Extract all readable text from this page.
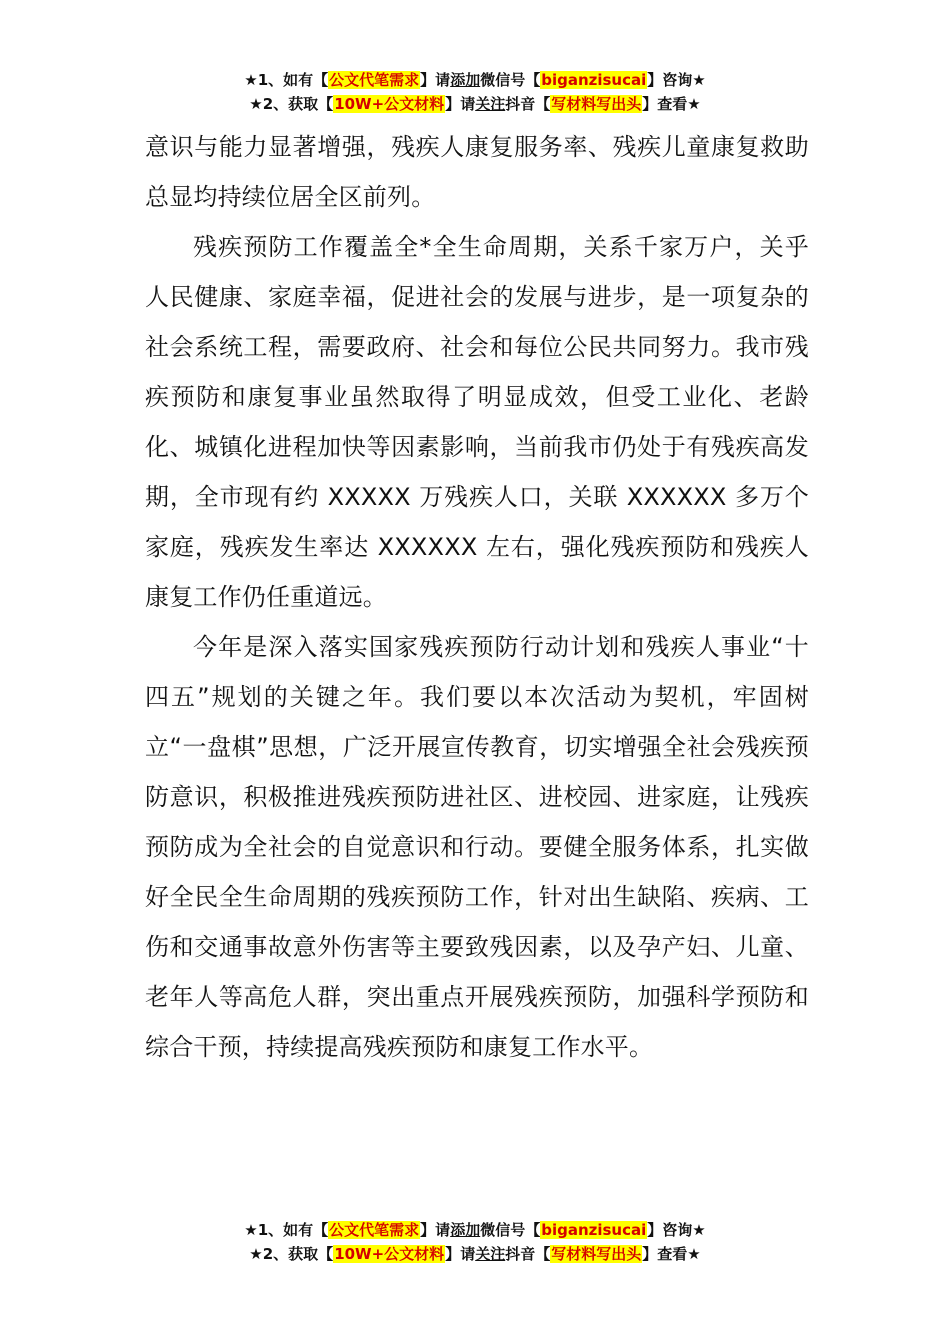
★1、如有【公文代笔需求】请添加微信号【biganzisucai】咨询★
★2、获取【10W+公文材料】请关注抖音【写材料写出头】查看★

意识与能力显著增强，残疾人康复服务率、残疾儿童康复救助总显均持续位居全区前列。

残疾预防工作覆盖全*全生命周期，关系千家万户，关乎人民健康、家庭幸福，促进社会的发展与进步，是一项复杂的社会系统工程，需要政府、社会和每位公民共同努力。我市残疾预防和康复事业虽然取得了明显成效，但受工业化、老龄化、城镇化进程加快等因素影响，当前我市仍处于有残疾高发期，全市现有约 XXXXX 万残疾人口，关联 XXXXXX 多万个家庭，残疾发生率达 XXXXXX 左右，强化残疾预防和残疾人康复工作仍任重道远。

今年是深入落实国家残疾预防行动计划和残疾人事业“十四五”规划的关键之年。我们要以本次活动为契机，牢固树立“一盘棋”思想，广泛开展宣传教育，切实增强全社会残疾预防意识，积极推进残疾预防进社区、进校园、进家庭，让残疾预防成为全社会的自觉意识和行动。要健全服务体系，扎实做好全民全生命周期的残疾预防工作，针对出生缺陷、疾病、工伤和交通事故意外伤害等主要致残因素，以及孕产妇、儿童、老年人等高危人群，突出重点开展残疾预防，加强科学预防和综合干预，持续提高残疾预防和康复工作水平。

★1、如有【公文代笔需求】请添加微信号【biganzisucai】咨询★
★2、获取【10W+公文材料】请关注抖音【写材料写出头】查看★
